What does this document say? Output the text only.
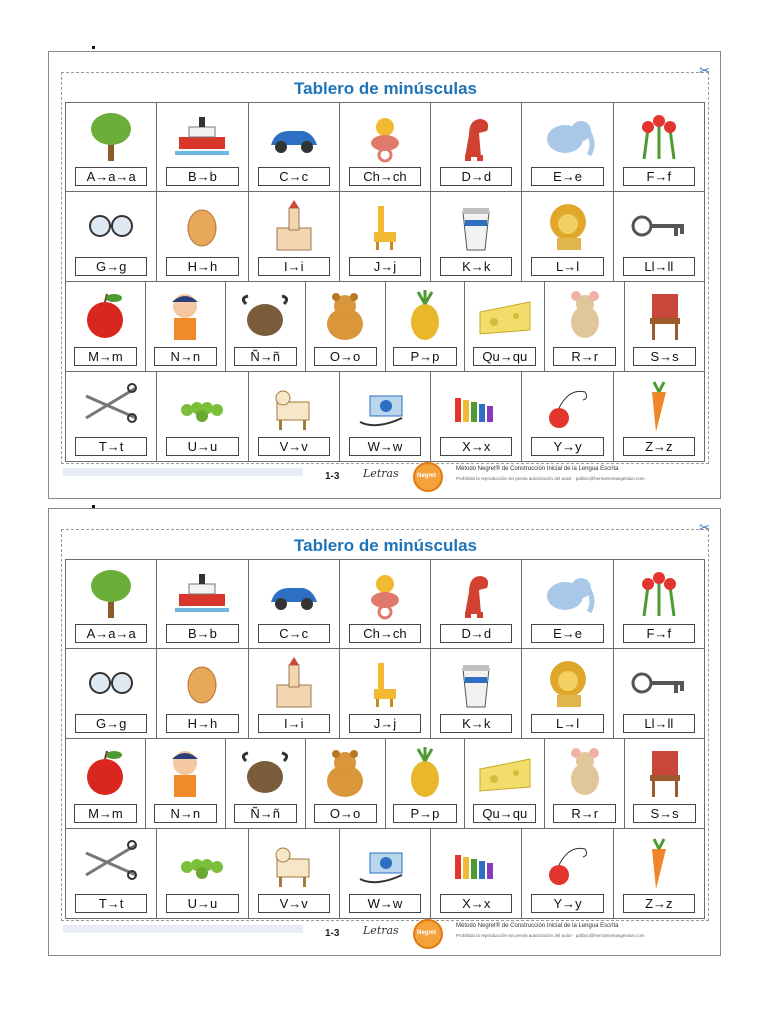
✂
Tablero de minúsculas
A→a→a	B→b	C→c	Ch→ch	D→d	E→e	F→f
G→g	H→h	I→i	J→j	K→k	L→l	Ll→ll
M→m	N→n	Ñ→ñ	O→o	P→p	Qu→qu	R→r	S→s
T→t	U→u	V→v	W→w	X→x	Y→y	Z→z
1-3 Letras	Negret
Método Negret® de Construcción Inicial de la Lengua Escrita
Prohibida la reproducción sin previa autorización del autor · palfaro@herramientasgestion.com
✂
Tablero de minúsculas
A→a→a	B→b	C→c	Ch→ch	D→d	E→e	F→f
G→g	H→h	I→i	J→j	K→k	L→l	Ll→ll
M→m	N→n	Ñ→ñ	O→o	P→p	Qu→qu	R→r	S→s
T→t	U→u	V→v	W→w	X→x	Y→y	Z→z
1-3 Letras	Negret
Método Negret® de Construcción Inicial de la Lengua Escrita
Prohibida la reproducción sin previa autorización del autor · palfaro@herramientasgestion.com
